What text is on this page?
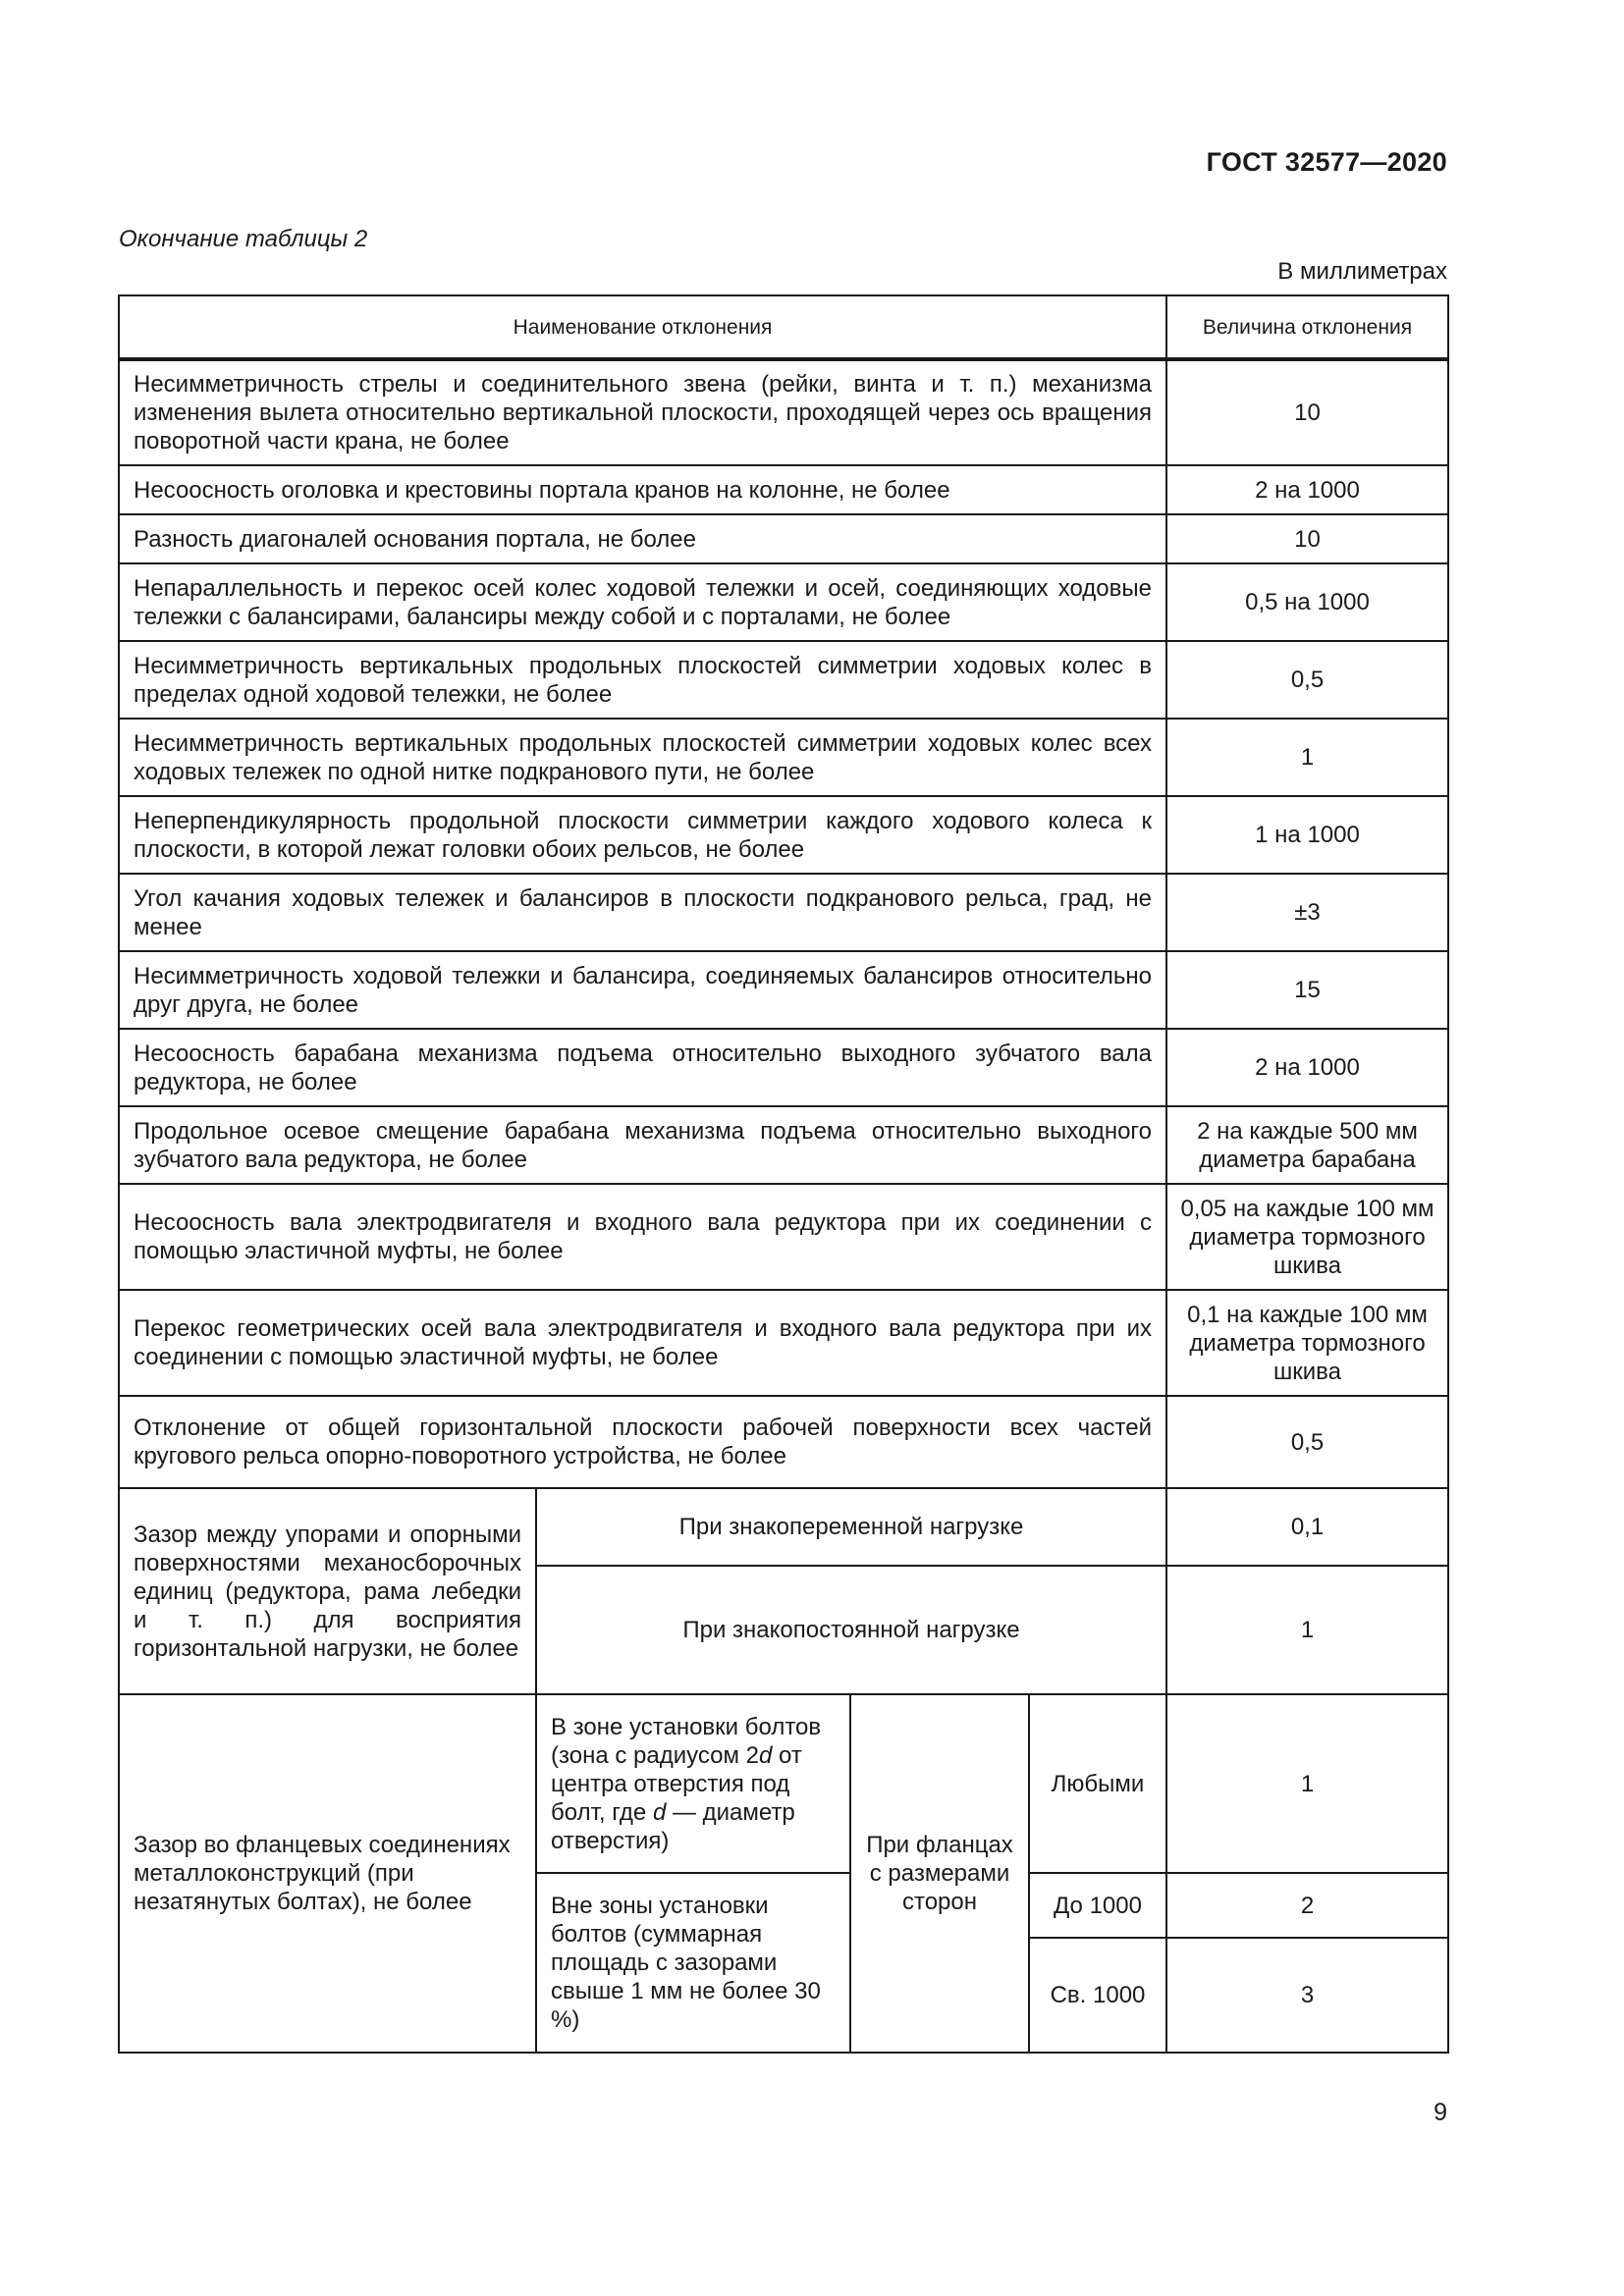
ГОСТ 32577—2020
Окончание таблицы 2
В миллиметрах
Наименование отклонения				Величина отклонения
Несимметричность стрелы и соединительного звена (рейки, винта и т. п.) механизма изменения вылета относительно вертикальной плоскости, проходящей через ось вращения поворотной части крана, не более				10
Несоосность оголовка и крестовины портала кранов на колонне, не более				2 на 1000
Разность диагоналей основания портала, не более				10
Непараллельность и перекос осей колес ходовой тележки и осей, соединяющих ходовые тележки с балансирами, балансиры между собой и с порталами, не более				0,5 на 1000
Несимметричность вертикальных продольных плоскостей симметрии ходовых колес в пределах одной ходовой тележки, не более				0,5
Несимметричность вертикальных продольных плоскостей симметрии ходовых колес всех ходовых тележек по одной нитке подкранового пути, не более				1
Неперпендикулярность продольной плоскости симметрии каждого ходового колеса к плоскости, в которой лежат головки обоих рельсов, не более				1 на 1000
Угол качания ходовых тележек и балансиров в плоскости подкранового рельса, град, не менее				±3
Несимметричность ходовой тележки и балансира, соединяемых балансиров относительно друг друга, не более				15
Несоосность барабана механизма подъема относительно выходного зубчатого вала редуктора, не более				2 на 1000
Продольное осевое смещение барабана механизма подъема относительно выходного зубчатого вала редуктора, не более				2 на каждые 500 мм диаметра барабана
Несоосность вала электродвигателя и входного вала редуктора при их соединении с помощью эластичной муфты, не более				0,05 на каждые 100 мм диаметра тормозного шкива
Перекос геометрических осей вала электродвигателя и входного вала редуктора при их соединении с помощью эластичной муфты, не более				0,1 на каждые 100 мм диаметра тормозного шкива
Отклонение от общей горизонтальной плоскости рабочей поверхности всех частей кругового рельса опорно-поворотного устройства, не более				0,5
Зазор между упорами и опорными поверхностями механосборочных единиц (редуктора, рама лебедки и т. п.) для восприятия горизонтальной нагрузки, не более	При знакопеременной нагрузке			0,1
	При знакопостоянной нагрузке			1
Зазор во фланцевых соединениях металлоконструкций (при незатянутых болтах), не более	В зоне установки болтов (зона с радиусом 2d от центра отверстия под болт, где d — диаметр отверстия)	При фланцах с размерами сторон	Любыми	1
	Вне зоны установки болтов (суммарная площадь с зазорами свыше 1 мм не более 30 %)		До 1000	2
			Св. 1000	3
9
